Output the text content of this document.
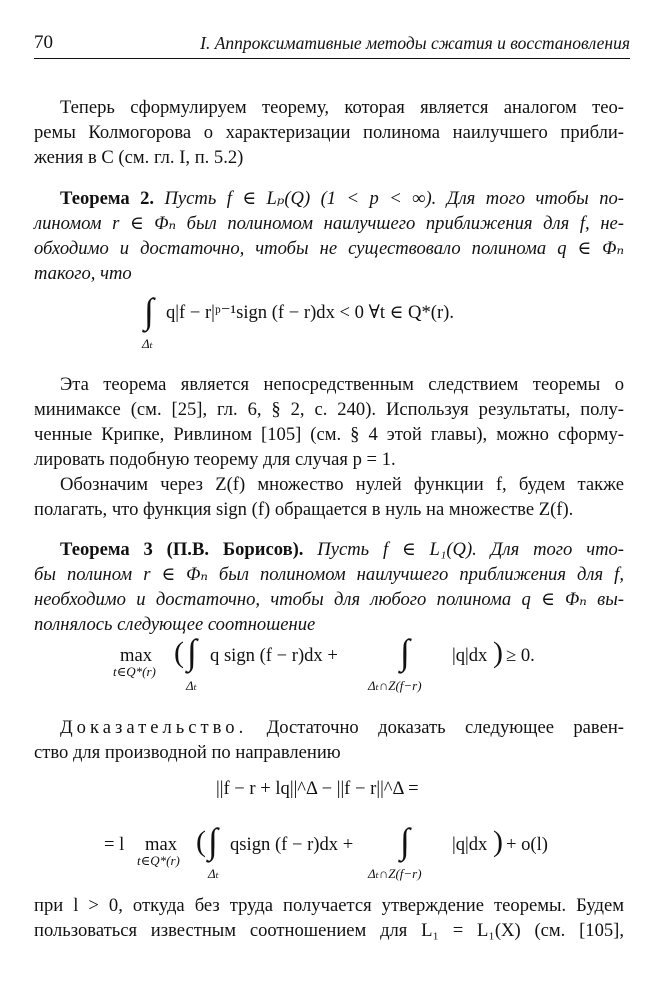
70	I. Аппроксимативные методы сжатия и восстановления

Теперь сформулируем теорему, которая является аналогом тео-

ремы Колмогорова о характеризации полинома наилучшего прибли-

жения в C (см. гл. I, п. 5.2)

Теорема 2. Пусть f ∈ Lₚ(Q) (1 < p < ∞). Для того чтобы по-

линомом r ∈ Φₙ был полиномом наилучшего приближения для f, не-

обходимо и достаточно, чтобы не существовало полинома q ∈ Φₙ

такого, что

∫ q|f − r|ᵖ⁻¹sign (f − r)dx < 0 ∀t ∈ Q*(r).
Δₜ

Эта теорема является непосредственным следствием теоремы о

минимаксе (см. [25], гл. 6, § 2, с. 240). Используя результаты, полу-

ченные Крипке, Ривлином [105] (см. § 4 этой главы), можно сформу-

лировать подобную теорему для случая p = 1.

Обозначим через Z(f) множество нулей функции f, будем также

полагать, что функция sign (f) обращается в нуль на множестве Z(f).

Теорема 3 (П.В. Борисов). Пусть f ∈ L₁(Q). Для того что-

бы полином r ∈ Φₙ был полиномом наилучшего приближения для f,

необходимо и достаточно, чтобы для любого полинома q ∈ Φₙ вы-

полнялось следующее соотношение

max
t∈Q*(r)
( ∫ q sign (f − r)dx +
Δₜ
∫ |q|dx
Δₜ∩Z(f−r)
) ≥ 0.
Доказательство. Достаточно доказать следующее равен-

ство для производной по направлению

||f − r + lq||^Δ − ||f − r||^Δ =
= l max
t∈Q*(r)
( ∫ qsign (f − r)dx +
Δₜ
∫ |q|dx
Δₜ∩Z(f−r)
) + o(l)

при l > 0, откуда без труда получается утверждение теоремы. Будем

пользоваться известным соотношением для L₁ = L₁(X) (см. [105],
